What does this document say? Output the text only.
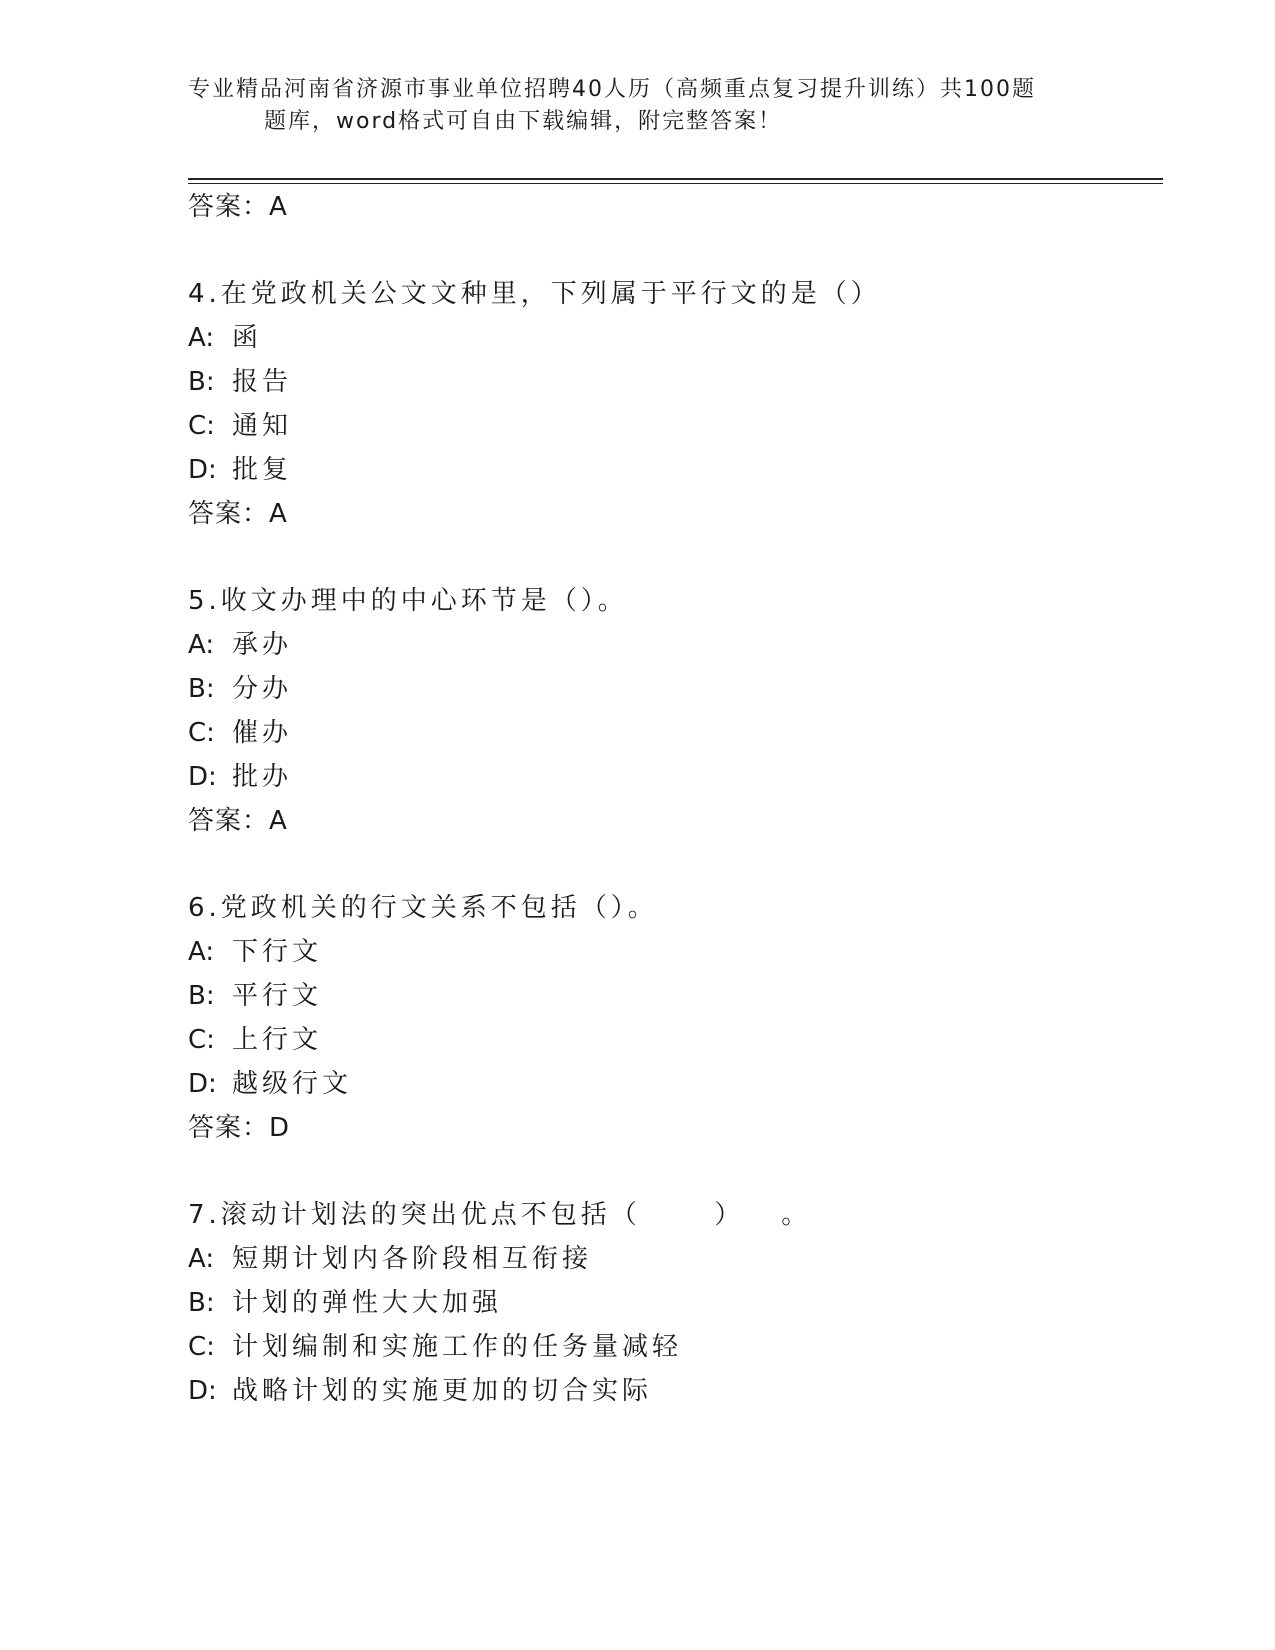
专业精品河南省济源市事业单位招聘40人历（高频重点复习提升训练）共100题
题库，word格式可自由下载编辑，附完整答案！
答案：A
4.在党政机关公文文种里，下列属于平行文的是（）
A: 函
B: 报告
C: 通知
D: 批复
答案：A
5.收文办理中的中心环节是（）。
A: 承办
B: 分办
C: 催办
D: 批办
答案：A
6.党政机关的行文关系不包括（）。
A: 下行文
B: 平行文
C: 上行文
D: 越级行文
答案：D
7.滚动计划法的突出优点不包括（      ）   。
A: 短期计划内各阶段相互衔接
B: 计划的弹性大大加强
C: 计划编制和实施工作的任务量减轻
D: 战略计划的实施更加的切合实际
